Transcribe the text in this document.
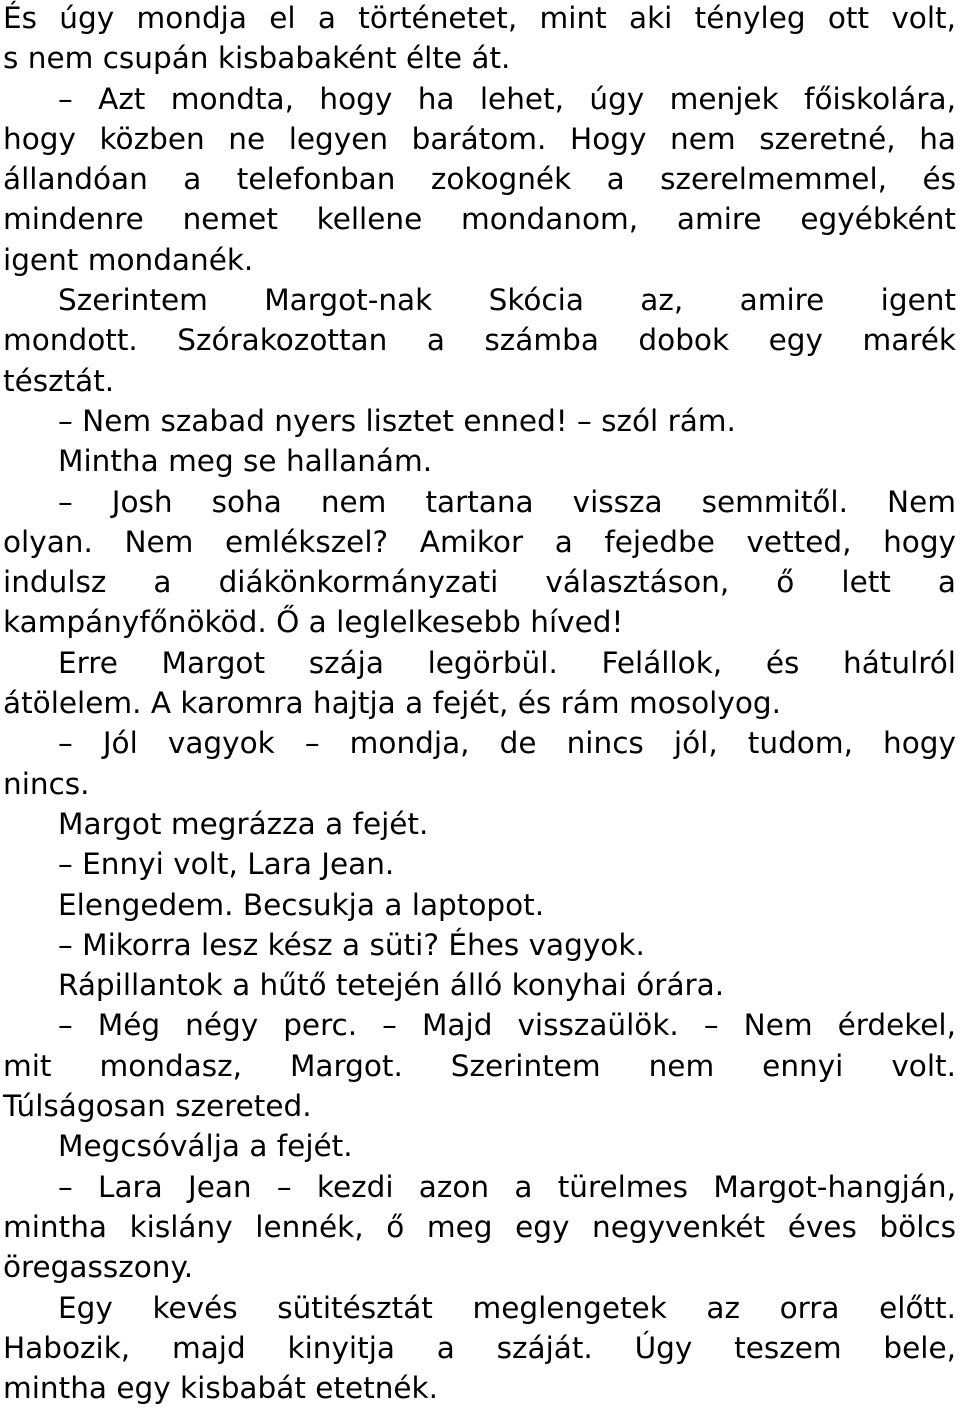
És úgy mondja el a történetet, mint aki tényleg ott volt,
s nem csupán kisbabaként élte át.
– Azt mondta, hogy ha lehet, úgy menjek főiskolára,
hogy közben ne legyen barátom. Hogy nem szeretné, ha
állandóan a telefonban zokognék a szerelmemmel, és
mindenre nemet kellene mondanom, amire egyébként
igent mondanék.
Szerintem Margot-nak Skócia az, amire igent
mondott. Szórakozottan a számba dobok egy marék
tésztát.
– Nem szabad nyers lisztet enned! – szól rám.
Mintha meg se hallanám.
– Josh soha nem tartana vissza semmitől. Nem
olyan. Nem emlékszel? Amikor a fejedbe vetted, hogy
indulsz a diákönkormányzati választáson, ő lett a
kampányfőnököd. Ő a leglelkesebb híved!
Erre Margot szája legörbül. Felállok, és hátulról
átölelem. A karomra hajtja a fejét, és rám mosolyog.
– Jól vagyok – mondja, de nincs jól, tudom, hogy
nincs.
Margot megrázza a fejét.
– Ennyi volt, Lara Jean.
Elengedem. Becsukja a laptopot.
– Mikorra lesz kész a süti? Éhes vagyok.
Rápillantok a hűtő tetején álló konyhai órára.
– Még négy perc. – Majd visszaülök. – Nem érdekel,
mit mondasz, Margot. Szerintem nem ennyi volt.
Túlságosan szereted.
Megcsóválja a fejét.
– Lara Jean – kezdi azon a türelmes Margot-hangján,
mintha kislány lennék, ő meg egy negyvenkét éves bölcs
öregasszony.
Egy kevés sütitésztát meglengetek az orra előtt.
Habozik, majd kinyitja a száját. Úgy teszem bele,
mintha egy kisbabát etetnék.
